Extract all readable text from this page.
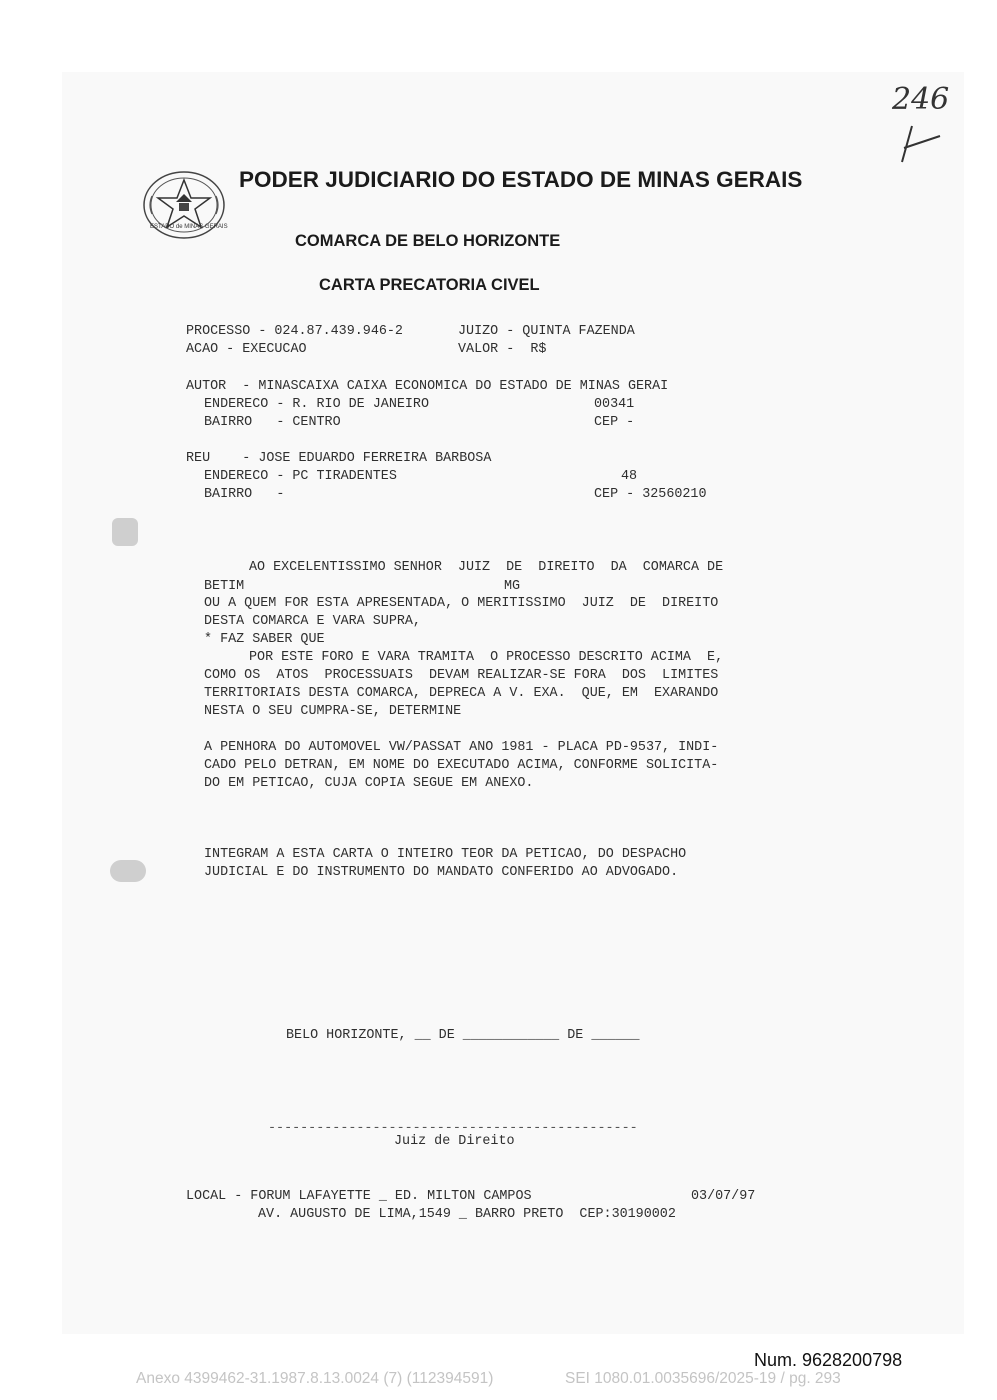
246
ESTADO de MINAS GERAIS
PODER JUDICIARIO DO ESTADO DE MINAS GERAIS
COMARCA DE BELO HORIZONTE
CARTA PRECATORIA CIVEL
PROCESSO - 024.87.439.946-2	JUIZO - QUINTA FAZENDA
ACAO - EXECUCAO	VALOR -  R$
AUTOR  - MINASCAIXA CAIXA ECONOMICA DO ESTADO DE MINAS GERAI
ENDERECO - R. RIO DE JANEIRO	00341
BAIRRO   - CENTRO	CEP -
REU    - JOSE EDUARDO FERREIRA BARBOSA
ENDERECO - PC TIRADENTES	48
BAIRRO   -	CEP - 32560210
AO EXCELENTISSIMO SENHOR  JUIZ  DE  DIREITO  DA  COMARCA DE
BETIM	MG
OU A QUEM FOR ESTA APRESENTADA, O MERITISSIMO  JUIZ  DE  DIREITO
DESTA COMARCA E VARA SUPRA,
* FAZ SABER QUE
POR ESTE FORO E VARA TRAMITA  O PROCESSO DESCRITO ACIMA  E,
COMO OS  ATOS  PROCESSUAIS  DEVAM REALIZAR-SE FORA  DOS  LIMITES
TERRITORIAIS DESTA COMARCA, DEPRECA A V. EXA.  QUE, EM  EXARANDO
NESTA O SEU CUMPRA-SE, DETERMINE
A PENHORA DO AUTOMOVEL VW/PASSAT ANO 1981 - PLACA PD-9537, INDI-
CADO PELO DETRAN, EM NOME DO EXECUTADO ACIMA, CONFORME SOLICITA-
DO EM PETICAO, CUJA COPIA SEGUE EM ANEXO.
INTEGRAM A ESTA CARTA O INTEIRO TEOR DA PETICAO, DO DESPACHO
JUDICIAL E DO INSTRUMENTO DO MANDATO CONFERIDO AO ADVOGADO.
BELO HORIZONTE, __ DE ____________ DE ______
----------------------------------------------
Juiz de Direito
LOCAL - FORUM LAFAYETTE _ ED. MILTON CAMPOS	03/07/97
AV. AUGUSTO DE LIMA,1549 _ BARRO PRETO  CEP:30190002
Num. 9628200798
Anexo 4399462-31.1987.8.13.0024 (7) (112394591)	SEI 1080.01.0035696/2025-19 / pg. 293
